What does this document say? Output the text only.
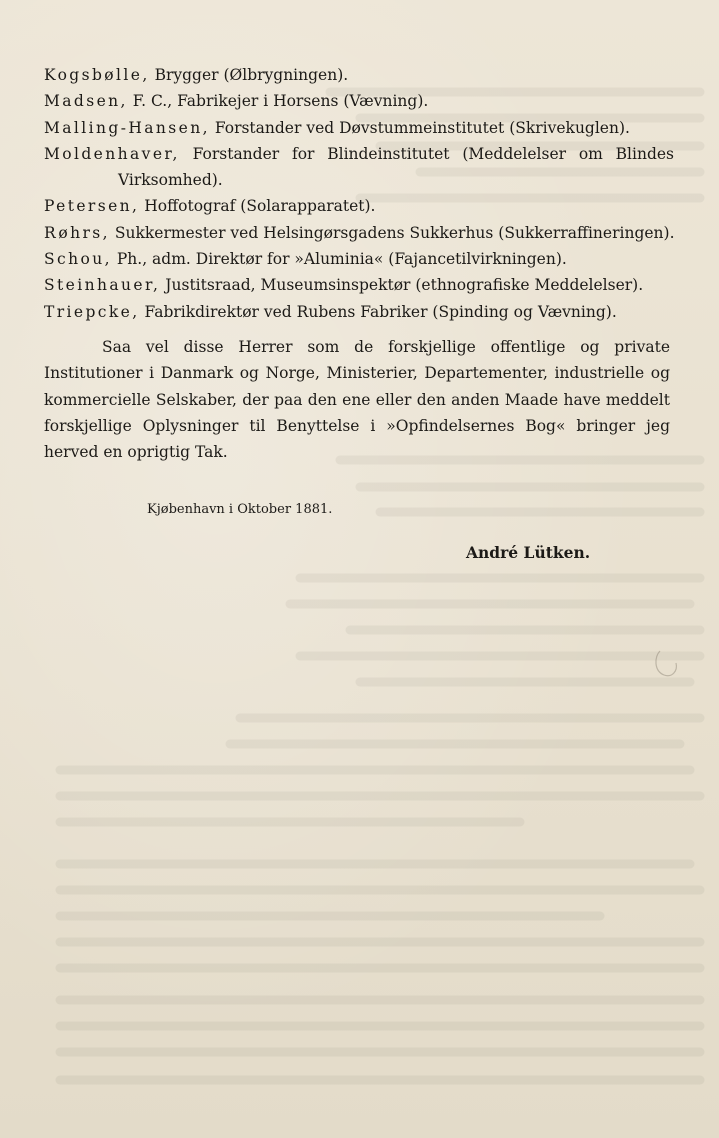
Kogsbølle, Brygger (Ølbrygningen).

Madsen, F. C., Fabrikejer i Horsens (Vævning).

Malling-Hansen, Forstander ved Døvstummeinstitutet (Skrivekuglen).

Moldenhaver, Forstander for Blindeinstitutet (Meddelelser om Blindes Virksomhed).

Petersen, Hoffotograf (Solarapparatet).

Røhrs, Sukkermester ved Helsingørsgadens Sukkerhus (Sukkerraffineringen).

Schou, Ph., adm. Direktør for »Aluminia« (Fajancetilvirkningen).

Steinhauer, Justitsraad, Museumsinspektør (ethnografiske Meddelelser).

Triepcke, Fabrikdirektør ved Rubens Fabriker (Spinding og Vævning).

Saa vel disse Herrer som de forskjellige offentlige og private Institutioner i Danmark og Norge, Ministerier, Departementer, industrielle og kommercielle Selskaber, der paa den ene eller den anden Maade have meddelt forskjellige Oplysninger til Benyttelse i »Opfindelsernes Bog« bringer jeg herved en oprigtig Tak.

Kjøbenhavn i Oktober 1881.

André Lütken.
